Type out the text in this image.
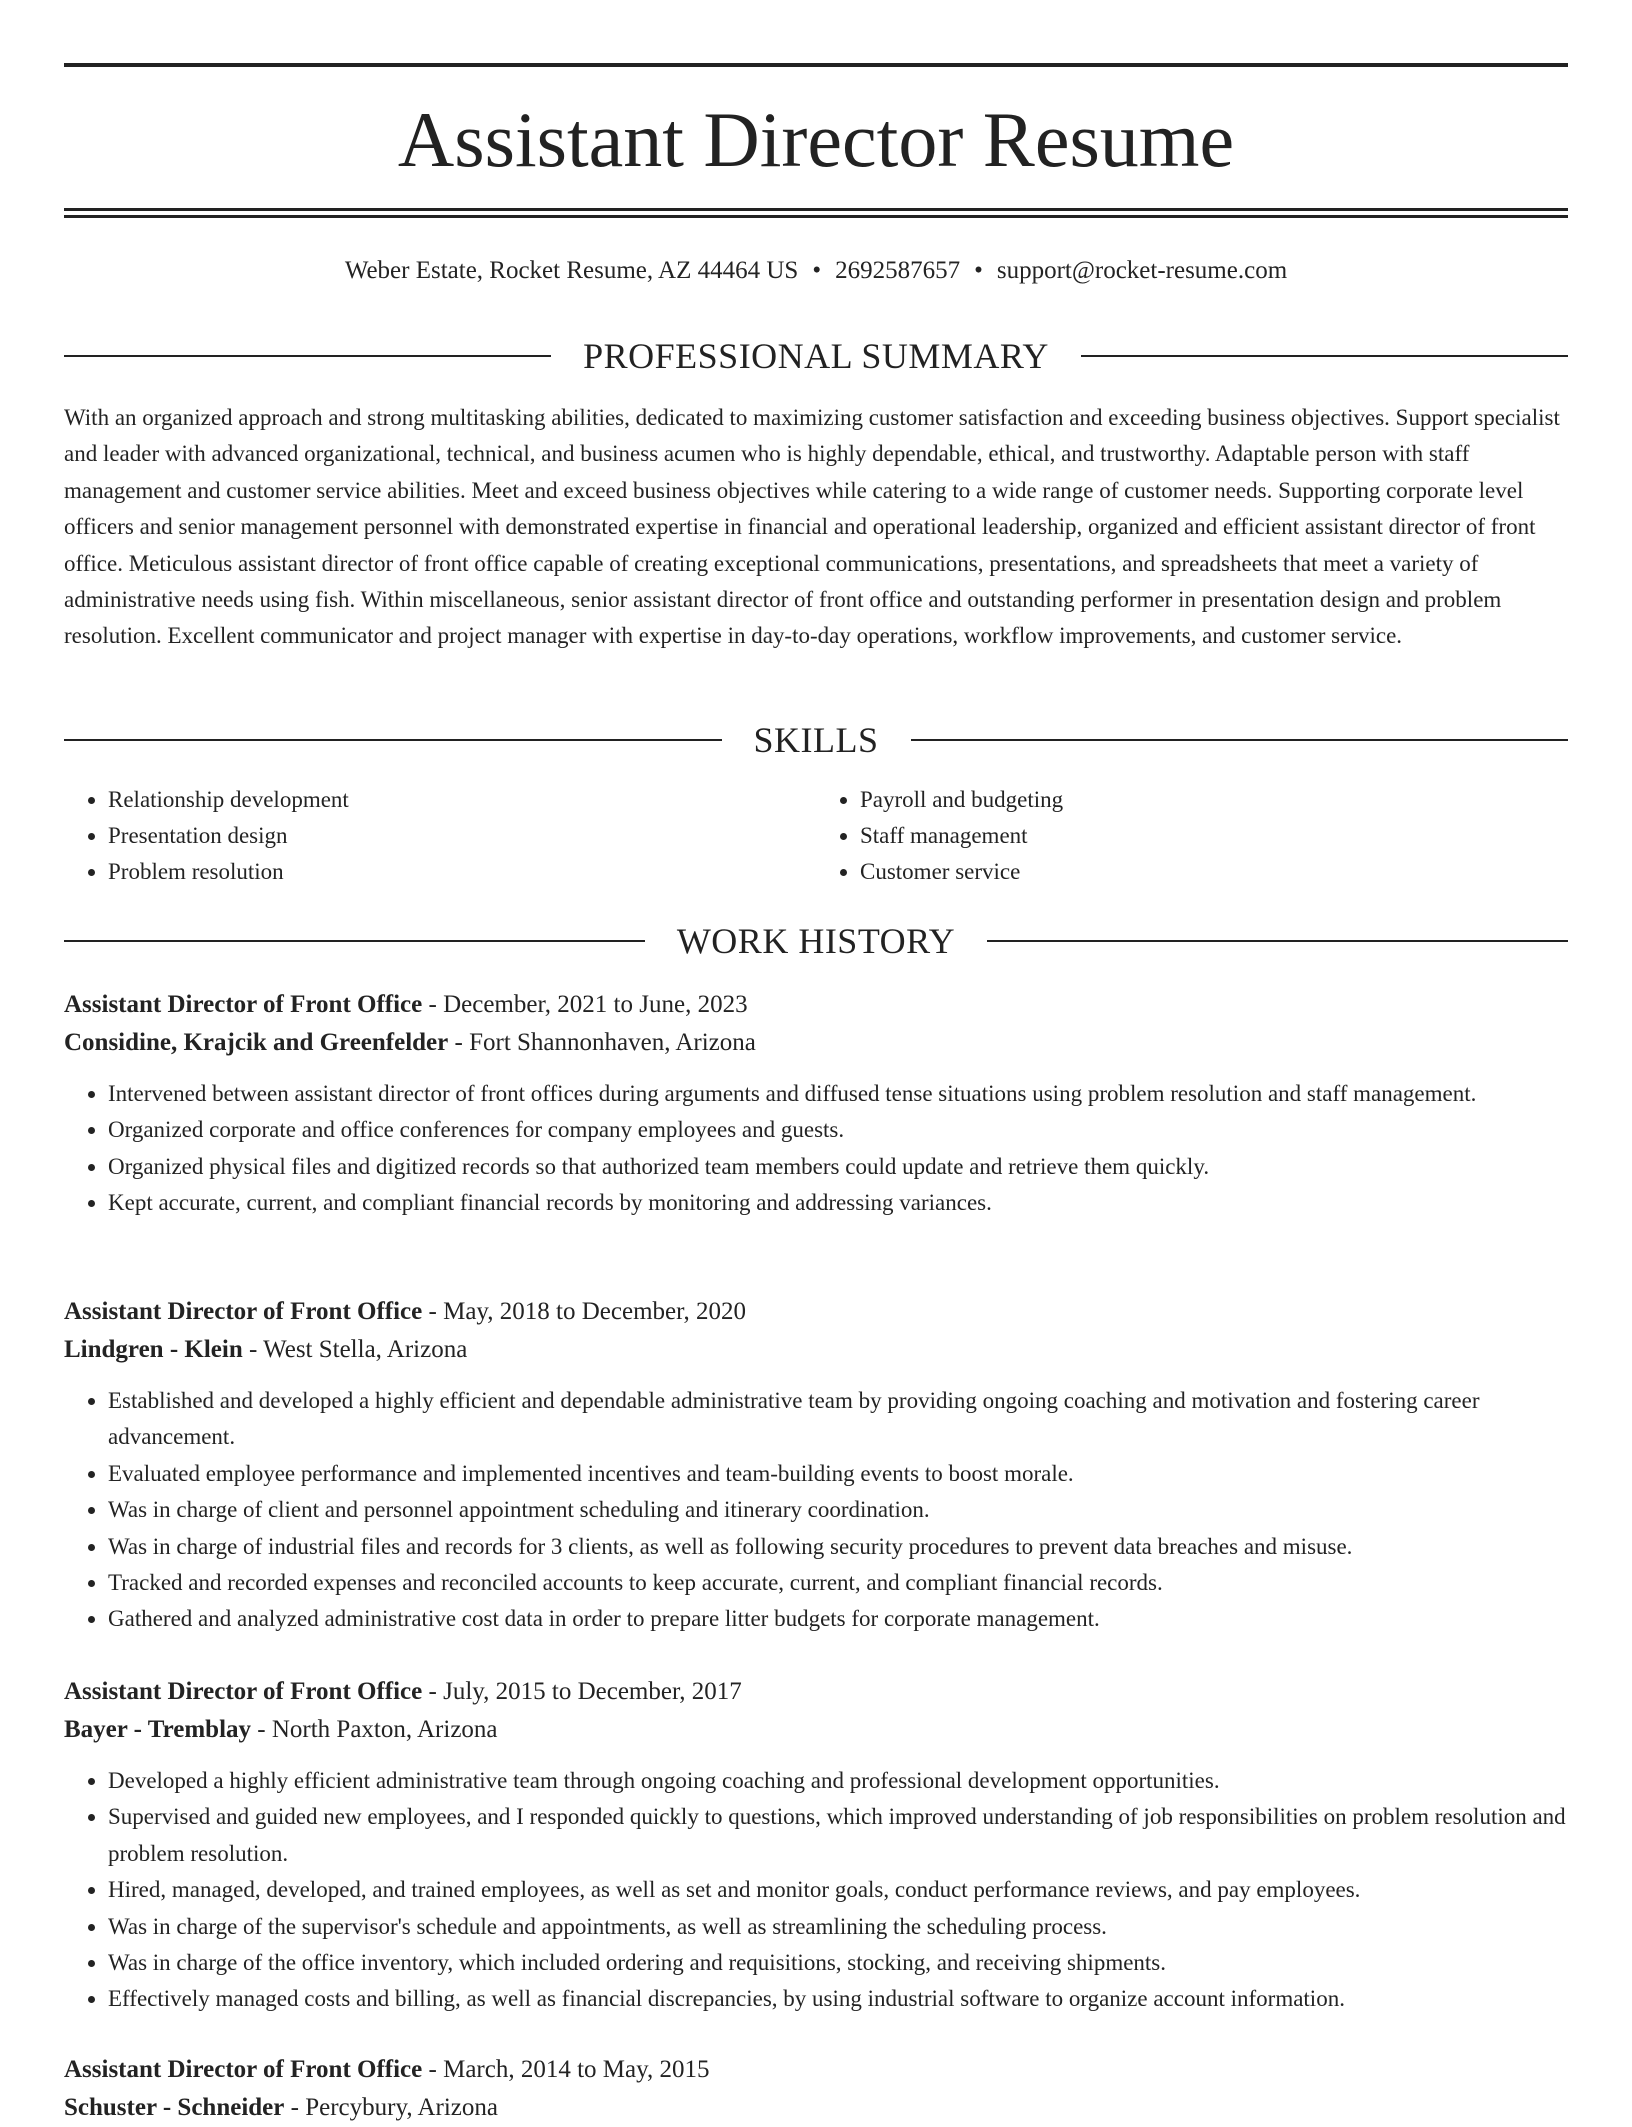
Assistant Director Resume
Weber Estate, Rocket Resume, AZ 44464 US • 2692587657 • support@rocket-resume.com
PROFESSIONAL SUMMARY

With an organized approach and strong multitasking abilities, dedicated to maximizing customer satisfaction and exceeding business objectives. Support specialist and leader with advanced organizational, technical, and business acumen who is highly dependable, ethical, and trustworthy. Adaptable person with staff management and customer service abilities. Meet and exceed business objectives while catering to a wide range of customer needs. Supporting corporate level officers and senior management personnel with demonstrated expertise in financial and operational leadership, organized and efficient assistant director of front office. Meticulous assistant director of front office capable of creating exceptional communications, presentations, and spreadsheets that meet a variety of administrative needs using fish. Within miscellaneous, senior assistant director of front office and outstanding performer in presentation design and problem resolution. Excellent communicator and project manager with expertise in day-to-day operations, workflow improvements, and customer service.

SKILLS
• Relationship development
• Presentation design
• Problem resolution
• Payroll and budgeting
• Staff management
• Customer service
WORK HISTORY
Assistant Director of Front Office - December, 2021 to June, 2023
Considine, Krajcik and Greenfelder - Fort Shannonhaven, Arizona
• Intervened between assistant director of front offices during arguments and diffused tense situations using problem resolution and staff management.
• Organized corporate and office conferences for company employees and guests.
• Organized physical files and digitized records so that authorized team members could update and retrieve them quickly.
• Kept accurate, current, and compliant financial records by monitoring and addressing variances.
Assistant Director of Front Office - May, 2018 to December, 2020
Lindgren - Klein - West Stella, Arizona
• Established and developed a highly efficient and dependable administrative team by providing ongoing coaching and motivation and fostering career advancement.
• Evaluated employee performance and implemented incentives and team-building events to boost morale.
• Was in charge of client and personnel appointment scheduling and itinerary coordination.
• Was in charge of industrial files and records for 3 clients, as well as following security procedures to prevent data breaches and misuse.
• Tracked and recorded expenses and reconciled accounts to keep accurate, current, and compliant financial records.
• Gathered and analyzed administrative cost data in order to prepare litter budgets for corporate management.
Assistant Director of Front Office - July, 2015 to December, 2017
Bayer - Tremblay - North Paxton, Arizona
• Developed a highly efficient administrative team through ongoing coaching and professional development opportunities.
• Supervised and guided new employees, and I responded quickly to questions, which improved understanding of job responsibilities on problem resolution and problem resolution.
• Hired, managed, developed, and trained employees, as well as set and monitor goals, conduct performance reviews, and pay employees.
• Was in charge of the supervisor's schedule and appointments, as well as streamlining the scheduling process.
• Was in charge of the office inventory, which included ordering and requisitions, stocking, and receiving shipments.
• Effectively managed costs and billing, as well as financial discrepancies, by using industrial software to organize account information.
Assistant Director of Front Office - March, 2014 to May, 2015
Schuster - Schneider - Percybury, Arizona
